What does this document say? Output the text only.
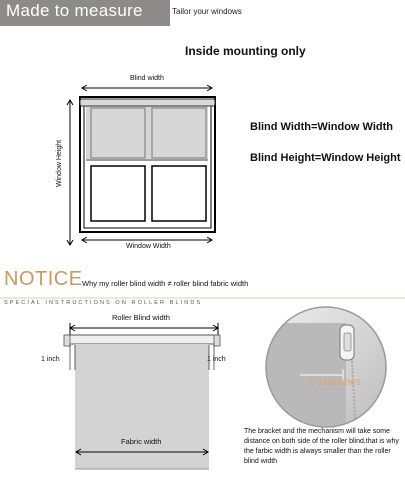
Made to measure	Tailor your windows
Inside mounting only
Blind width
Window Width
Window Height
Blind Width=Window Width
Blind Height=Window Height
NOTICE Why my roller blind width ≠ roller blind fabric width
SPECIAL INSTRUCTIONS ON ROLLER BLINDS
Roller Blind width
1 inch	1 inch
Fabric width
1-1¼inches
The bracket and the mechanism will take some distance on both side of the roller blind,that is why the farbic width is always smaller than the roller blind width
